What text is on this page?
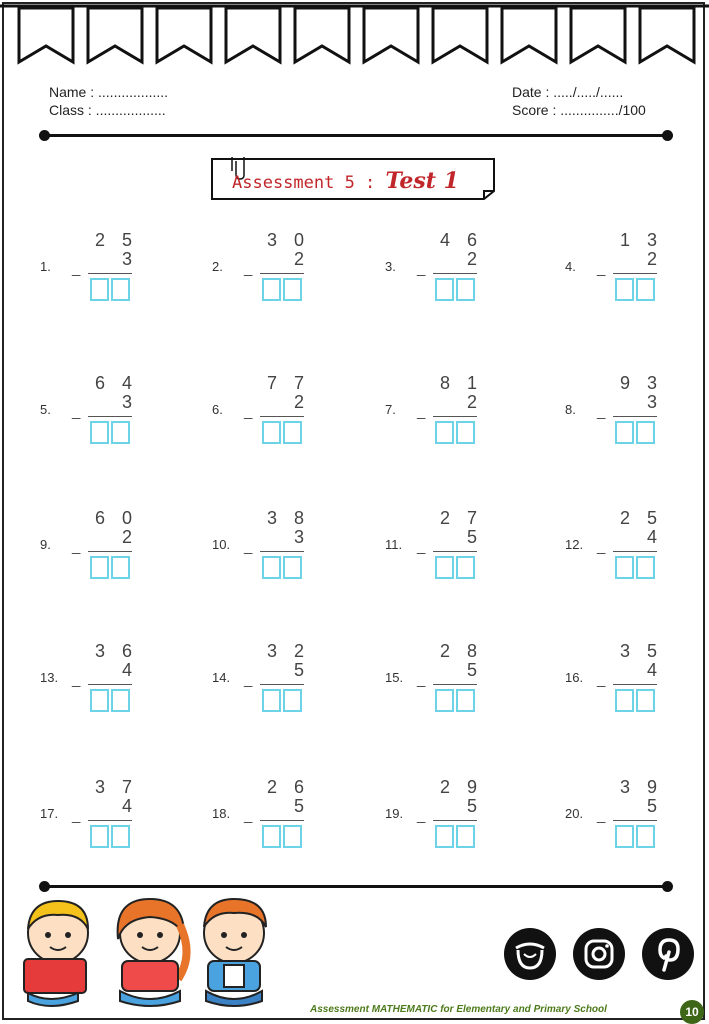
Name : ..................
Class : ..................
Date : ...../...../......
Score : .............../100
Assessment 5 : Test 1
1.
2 5
3
_	2.
3 0
2
_	3.
4 6
2
_	4.
1 3
2
_
5.
6 4
3
_	6.
7 7
2
_	7.
8 1
2
_	8.
9 3
3
_
9.
6 0
2
_	10.
3 8
3
_	11.
2 7
5
_	12.
2 5
4
_
13.
3 6
4
_	14.
3 2
5
_	15.
2 8
5
_	16.
3 5
4
_
17.
3 7
4
_	18.
2 6
5
_	19.
2 9
5
_	20.
3 9
5
_
Assessment MATHEMATIC for Elementary and Primary School	10
